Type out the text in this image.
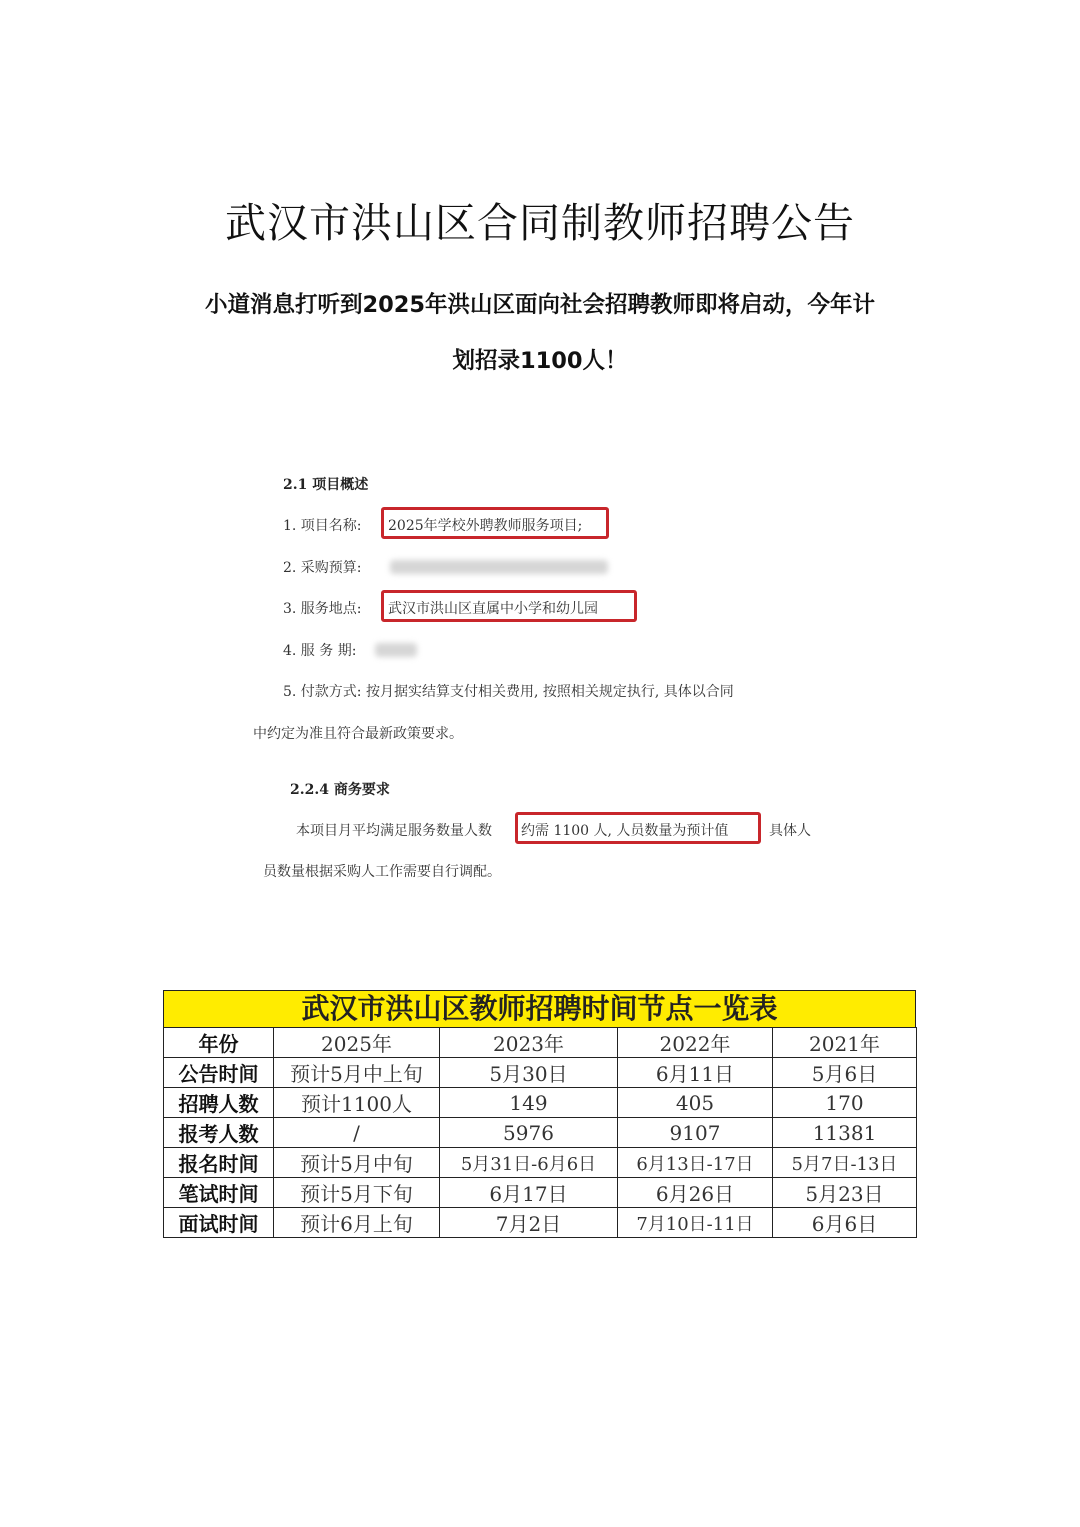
武汉市洪山区合同制教师招聘公告
小道消息打听到2025年洪山区面向社会招聘教师即将启动，今年计
划招录1100人！
2.1 项目概述
1. 项目名称: 2025年学校外聘教师服务项目;
2. 采购预算:
3. 服务地点: 武汉市洪山区直属中小学和幼儿园
4. 服 务 期:
5. 付款方式: 按月据实结算支付相关费用, 按照相关规定执行, 具体以合同
中约定为准且符合最新政策要求。
2.2.4 商务要求
本项目月平均满足服务数量人数 约需 1100 人, 人员数量为预计值	具体人
员数量根据采购人工作需要自行调配。
武汉市洪山区教师招聘时间节点一览表
年份	2025年	2023年	2022年	2021年
公告时间	预计5月中上旬	5月30日	6月11日	5月6日
招聘人数	预计1100人	149	405	170
报考人数	/	5976	9107	11381
报名时间	预计5月中旬	5月31日-6月6日	6月13日-17日	5月7日-13日
笔试时间	预计5月下旬	6月17日	6月26日	5月23日
面试时间	预计6月上旬	7月2日	7月10日-11日	6月6日
